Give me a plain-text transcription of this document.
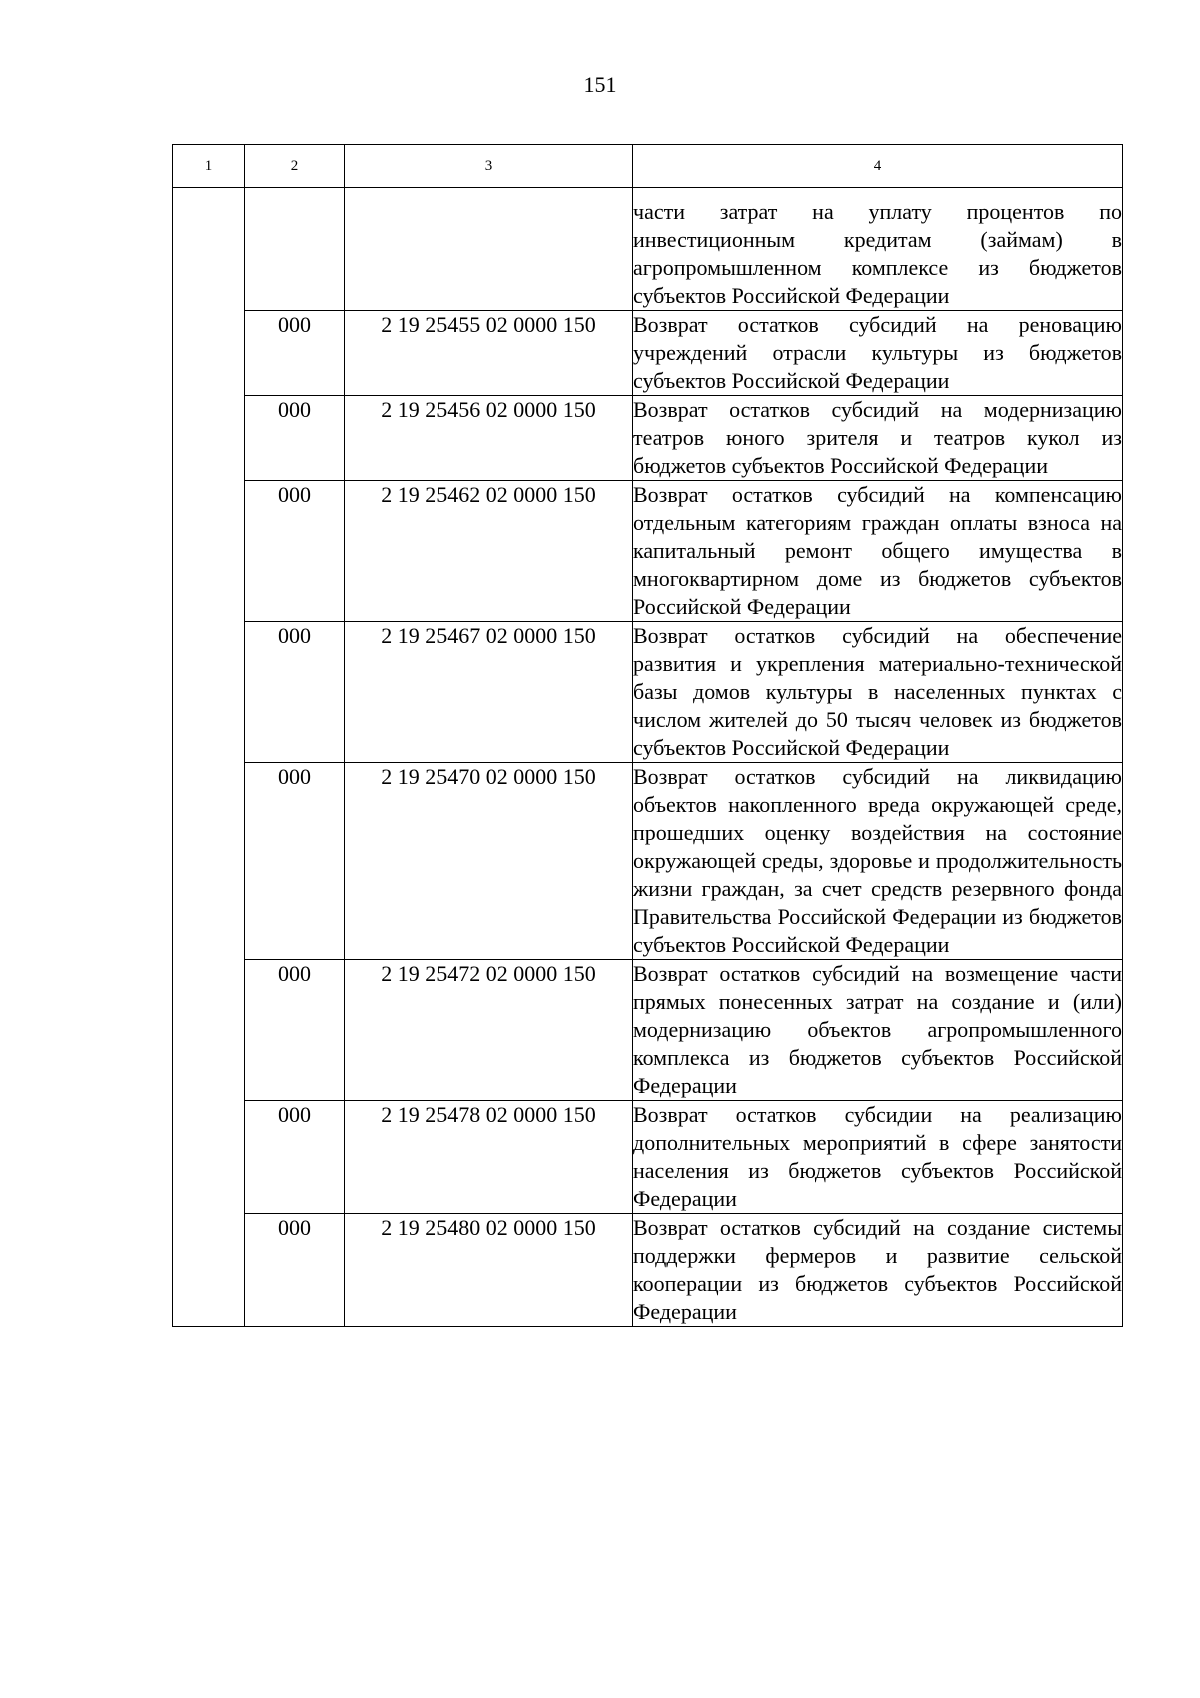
151
1	2	3	4

			части затрат на уплату процентов по инвестиционным кредитам (займам) в агропромышленном комплексе из бюджетов субъектов Российской Федерации

	000	2 19 25455 02 0000 150	Возврат остатков субсидий на реновацию учреждений отрасли культуры из бюджетов субъектов Российской Федерации
	000	2 19 25456 02 0000 150	Возврат остатков субсидий на модернизацию театров юного зрителя и театров кукол из бюджетов субъектов Российской Федерации
	000	2 19 25462 02 0000 150	Возврат остатков субсидий на компенсацию отдельным категориям граждан оплаты взноса на капитальный ремонт общего имущества в многоквартирном доме из бюджетов субъектов Российской Федерации
	000	2 19 25467 02 0000 150	Возврат остатков субсидий на обеспечение развития и укрепления материально-технической базы домов культуры в населенных пунктах с числом жителей до 50 тысяч человек из бюджетов субъектов Российской Федерации
	000	2 19 25470 02 0000 150	Возврат остатков субсидий на ликвидацию объектов накопленного вреда окружающей среде, прошедших оценку воздействия на состояние окружающей среды, здоровье и продолжительность жизни граждан, за счет средств резервного фонда Правительства Российской Федерации из бюджетов субъектов Российской Федерации
	000	2 19 25472 02 0000 150	Возврат остатков субсидий на возмещение части прямых понесенных затрат на создание и (или) модернизацию объектов агропромышленного комплекса из бюджетов субъектов Российской Федерации
	000	2 19 25478 02 0000 150	Возврат остатков субсидии на реализацию дополнительных мероприятий в сфере занятости населения из бюджетов субъектов Российской Федерации
	000	2 19 25480 02 0000 150	Возврат остатков субсидий на создание системы поддержки фермеров и развитие сельской кооперации из бюджетов субъектов Российской Федерации
